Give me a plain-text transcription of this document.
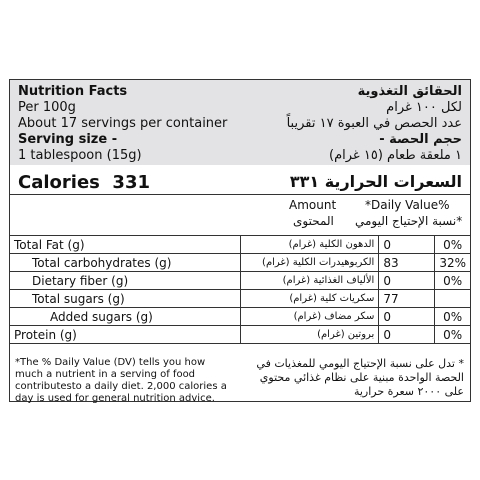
Nutrition Facts
Per 100g
About 17 servings per container
Serving size -
1 tablespoon (15g)
الحقائق التغذوية
لكل ١٠٠ غرام
عدد الحصص في العبوة ١٧ تقريباً
حجم الحصة -
١ ملعقة طعام (١٥ غرام)
Calories 331	السعرات الحرارية ٣٣١
Amount
المحتوى
*Daily Value%
*نسبة الإحتياج اليومي
Total Fat (g)	الدهون الكلية (غرام)	0	0%
Total carbohydrates (g)	الكربوهيدرات الكلية (غرام)	83	32%
Dietary fiber (g)	الألياف الغذائية (غرام)	0	0%
Total sugars (g)	سكريات كلية (غرام)	77	
Added sugars (g)	سكر مضاف (غرام)	0	0%
Protein (g)	بروتين (غرام)	0	0%
*The % Daily Value (DV) tells you how much a nutrient in a serving of food contributesto a daily diet. 2,000 calories a day is used for general nutrition advice.
* تدل على نسبة الإحتياج اليومي للمغذيات في الحصة الواحدة مبنية على نظام غذائي محتوي على ٢٠٠٠ سعرة حرارية
